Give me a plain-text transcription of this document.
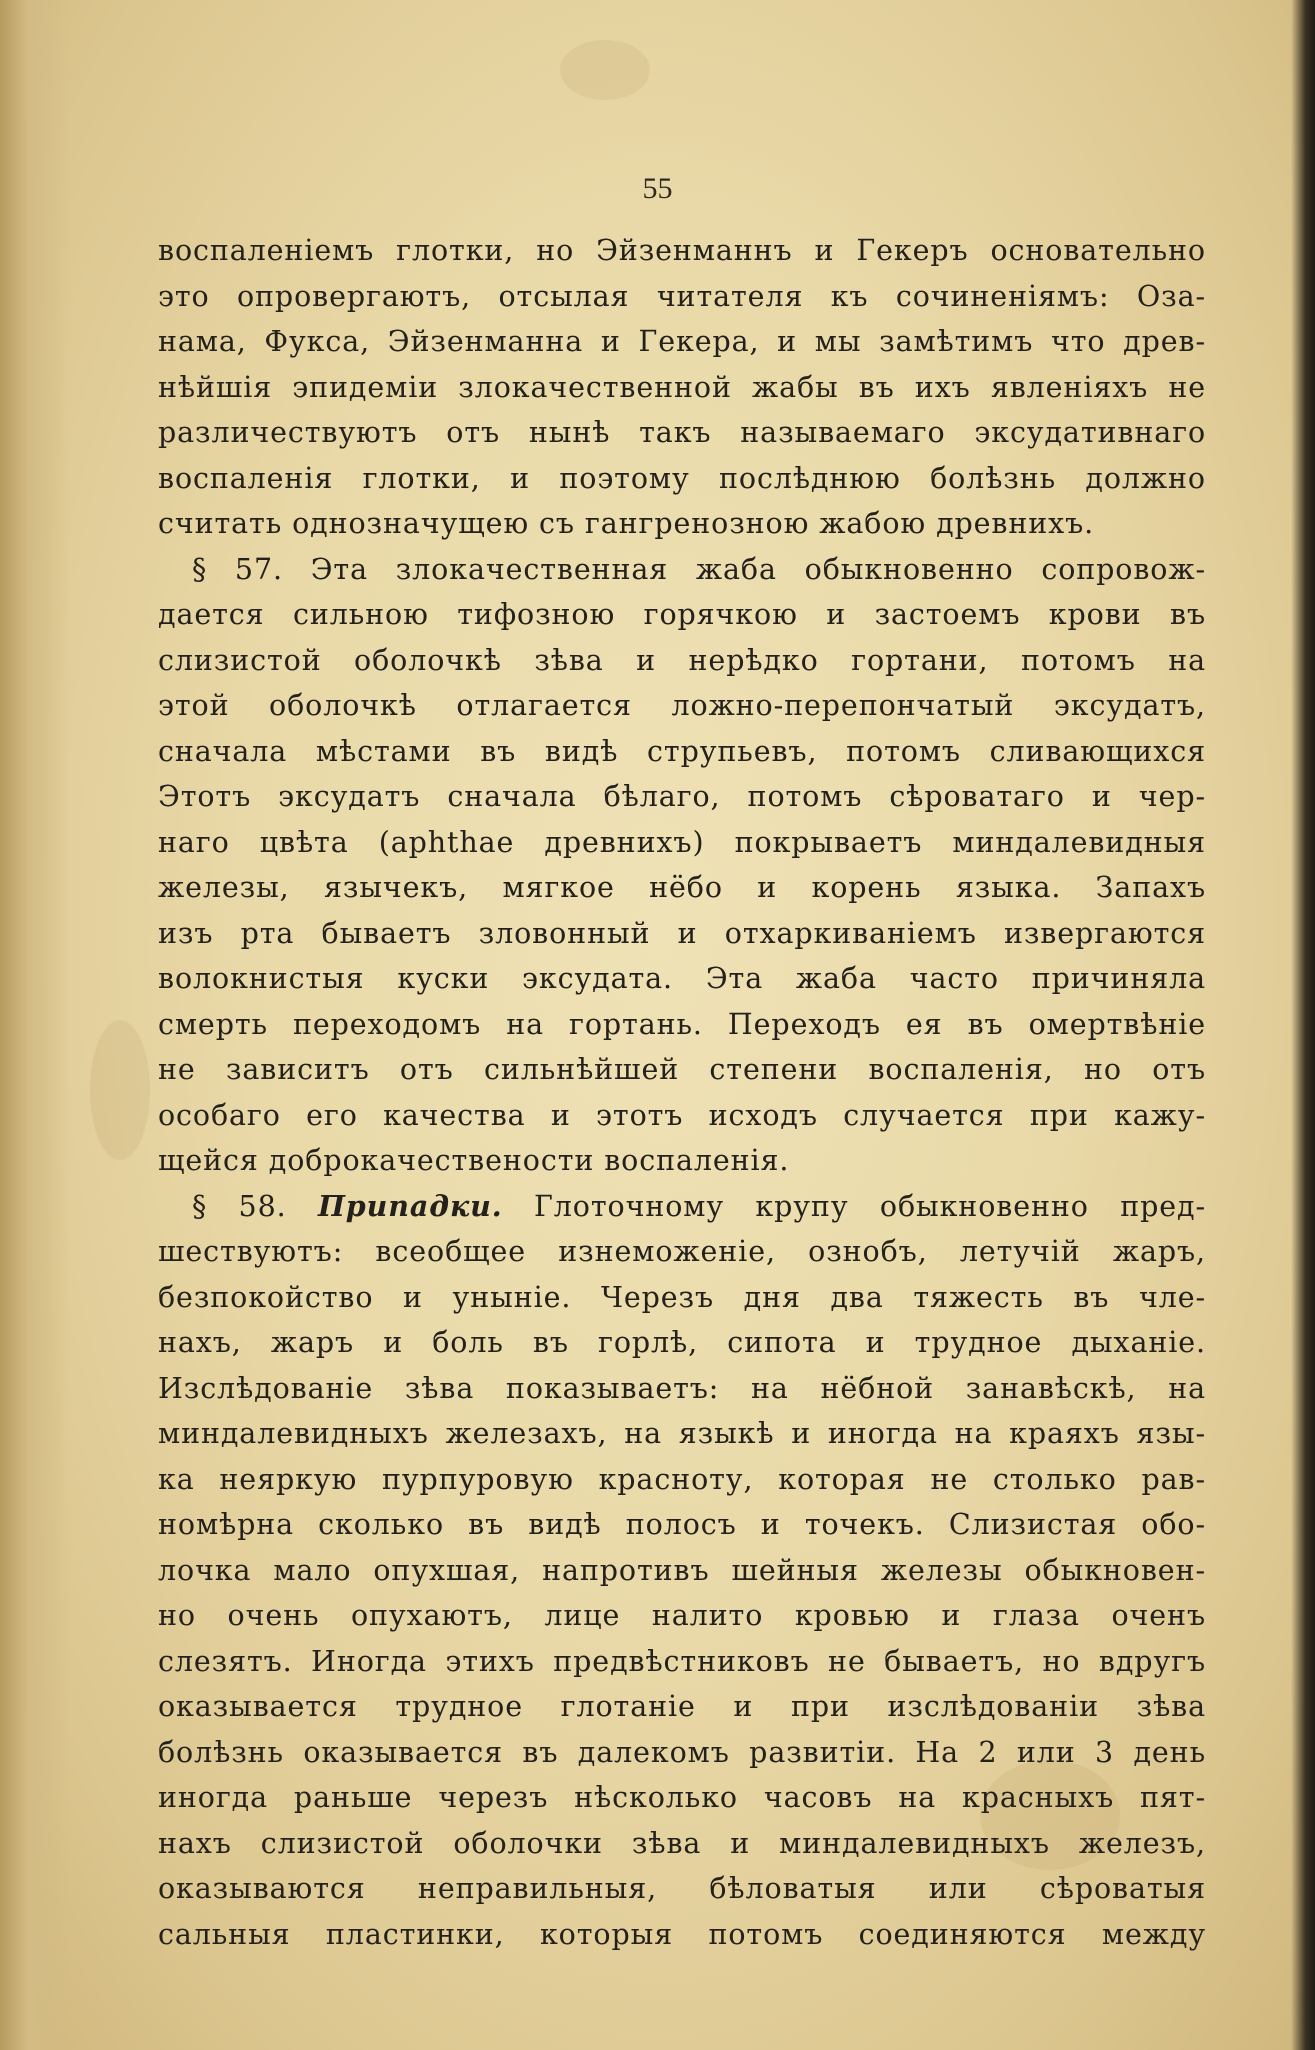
55
воспаленіемъ глотки, но Эйзенманнъ и Гекеръ основательно
это опровергаютъ, отсылая читателя къ сочиненіямъ: Оза-
нама, Фукса, Эйзенманна и Гекера, и мы замѣтимъ что древ-
нѣйшія эпидеміи злокачественной жабы въ ихъ явленіяхъ не
различествуютъ отъ нынѣ такъ называемаго эксудативнаго
воспаленія глотки, и поэтому послѣднюю болѣзнь должно
считать однозначущею съ гангренозною жабою древнихъ.
§ 57. Эта злокачественная жаба обыкновенно сопровож-
дается сильною тифозною горячкою и застоемъ крови въ
слизистой оболочкѣ зѣва и нерѣдко гортани, потомъ на
этой оболочкѣ отлагается ложно-перепончатый эксудатъ,
сначала мѣстами въ видѣ струпьевъ, потомъ сливающихся
Этотъ эксудатъ сначала бѣлаго, потомъ сѣроватаго и чер-
наго цвѣта (aphthae древнихъ) покрываетъ миндалевидныя
железы, язычекъ, мягкое нёбо и корень языка. Запахъ
изъ рта бываетъ зловонный и отхаркиваніемъ извергаются
волокнистыя куски эксудата. Эта жаба часто причиняла
смерть переходомъ на гортань. Переходъ ея въ омертвѣніе
не зависитъ отъ сильнѣйшей степени воспаленія, но отъ
особаго его качества и этотъ исходъ случается при кажу-
щейся доброкачествености воспаленія.
§ 58. Припадки. Глоточному крупу обыкновенно пред-
шествуютъ: всеобщее изнеможеніе, ознобъ, летучій жаръ,
безпокойство и уныніе. Черезъ дня два тяжесть въ чле-
нахъ, жаръ и боль въ горлѣ, сипота и трудное дыханіе.
Изслѣдованіе зѣва показываетъ: на нёбной занавѣскѣ, на
миндалевидныхъ железахъ, на языкѣ и иногда на краяхъ язы-
ка неяркую пурпуровую красноту, которая не столько рав-
номѣрна сколько въ видѣ полосъ и точекъ. Слизистая обо-
лочка мало опухшая, напротивъ шейныя железы обыкновен-
но очень опухаютъ, лице налито кровью и глаза оченъ
слезятъ. Иногда этихъ предвѣстниковъ не бываетъ, но вдругъ
оказывается трудное глотаніе и при изслѣдованіи зѣва
болѣзнь оказывается въ далекомъ развитіи. На 2 или 3 день
иногда раньше черезъ нѣсколько часовъ на красныхъ пят-
нахъ слизистой оболочки зѣва и миндалевидныхъ железъ,
оказываются неправильныя, бѣловатыя или сѣроватыя
сальныя пластинки, которыя потомъ соединяются между
